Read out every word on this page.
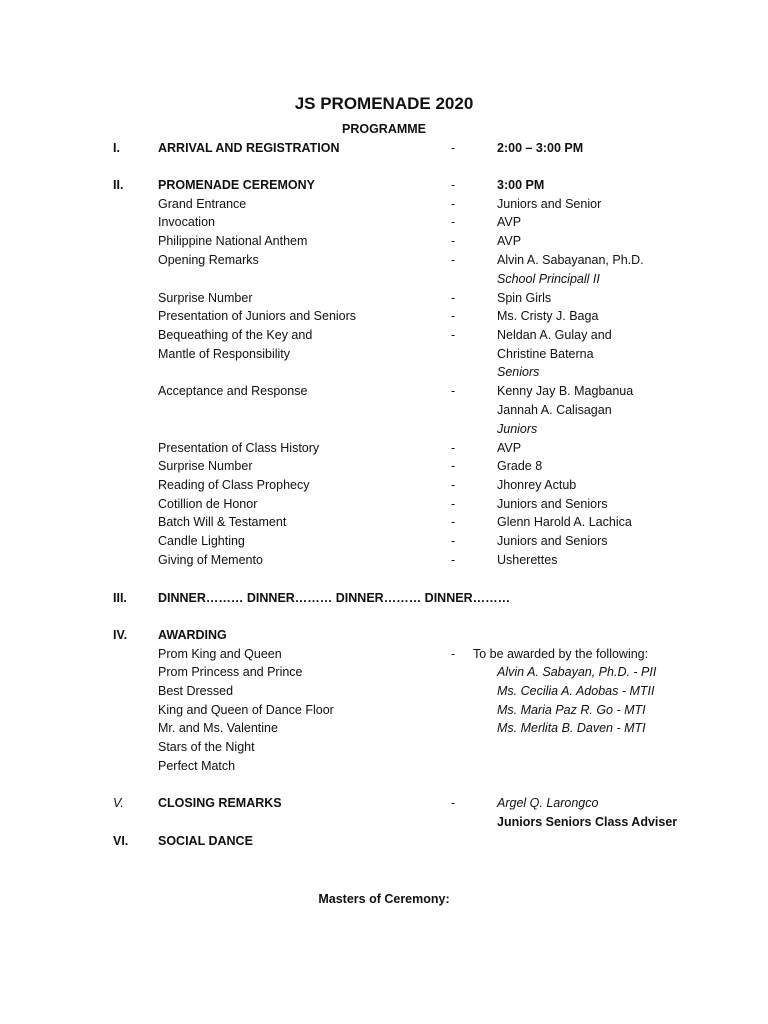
JS PROMENADE 2020
PROGRAMME
I.	ARRIVAL AND REGISTRATION	-	2:00 – 3:00 PM
II.	PROMENADE CEREMONY	-	3:00 PM
Grand Entrance	-	Juniors and Senior
Invocation	-	AVP
Philippine National Anthem	-	AVP
Opening Remarks	-	Alvin A. Sabayanan, Ph.D.
School Principall II
Surprise Number	-	Spin Girls
Presentation of Juniors and Seniors	-	Ms. Cristy J. Baga
Bequeathing of the Key and	-	Neldan A. Gulay and
Mantle of Responsibility	Christine Baterna
Seniors
Acceptance and Response	-	Kenny Jay B. Magbanua
Jannah A. Calisagan
Juniors
Presentation of Class History	-	AVP
Surprise Number	-	Grade 8
Reading of Class Prophecy	-	Jhonrey Actub
Cotillion de Honor	-	Juniors and Seniors
Batch Will & Testament	-	Glenn Harold A. Lachica
Candle Lighting	-	Juniors and Seniors
Giving of Memento	-	Usherettes
III. DINNER……… DINNER……… DINNER……… DINNER………
IV. AWARDING
Prom King and Queen	- To be awarded by the following:
Prom Princess and Prince	Alvin A. Sabayan, Ph.D. - PII
Best Dressed	Ms. Cecilia A. Adobas - MTII
King and Queen of Dance Floor	Ms. Maria Paz R. Go - MTI
Mr. and Ms. Valentine	Ms. Merlita B. Daven - MTI
Stars of the Night
Perfect Match
V.	CLOSING REMARKS	-	Argel Q. Larongco
Juniors Seniors Class Adviser
VI. SOCIAL DANCE
Masters of Ceremony:
